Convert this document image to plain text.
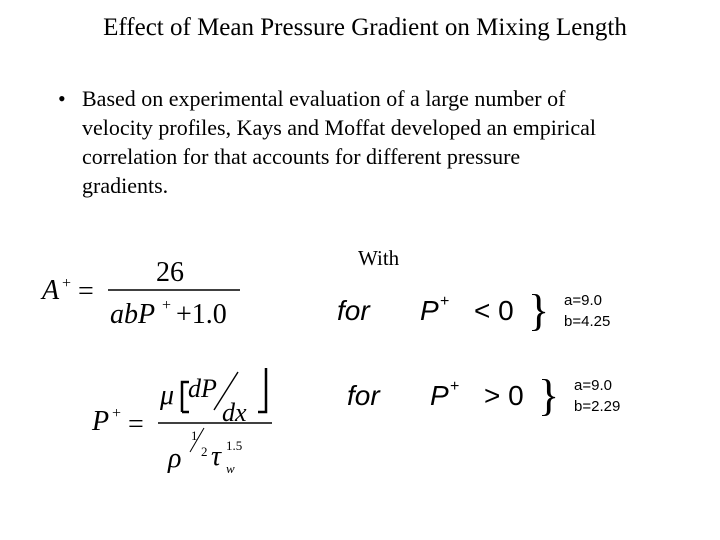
Effect of Mean Pressure Gradient on Mixing Length
• Based on experimental evaluation of a large number of
velocity profiles, Kays and Moffat developed an empirical
correlation for that accounts for different pressure
gradients.
With
A + =
26
abP + +1.0
P + =
μ dP
dx
ρ
1
2 τ 1.5
w
for P + < 0 } a=9.0
b=4.25
for P + > 0 } a=9.0
b=2.29
